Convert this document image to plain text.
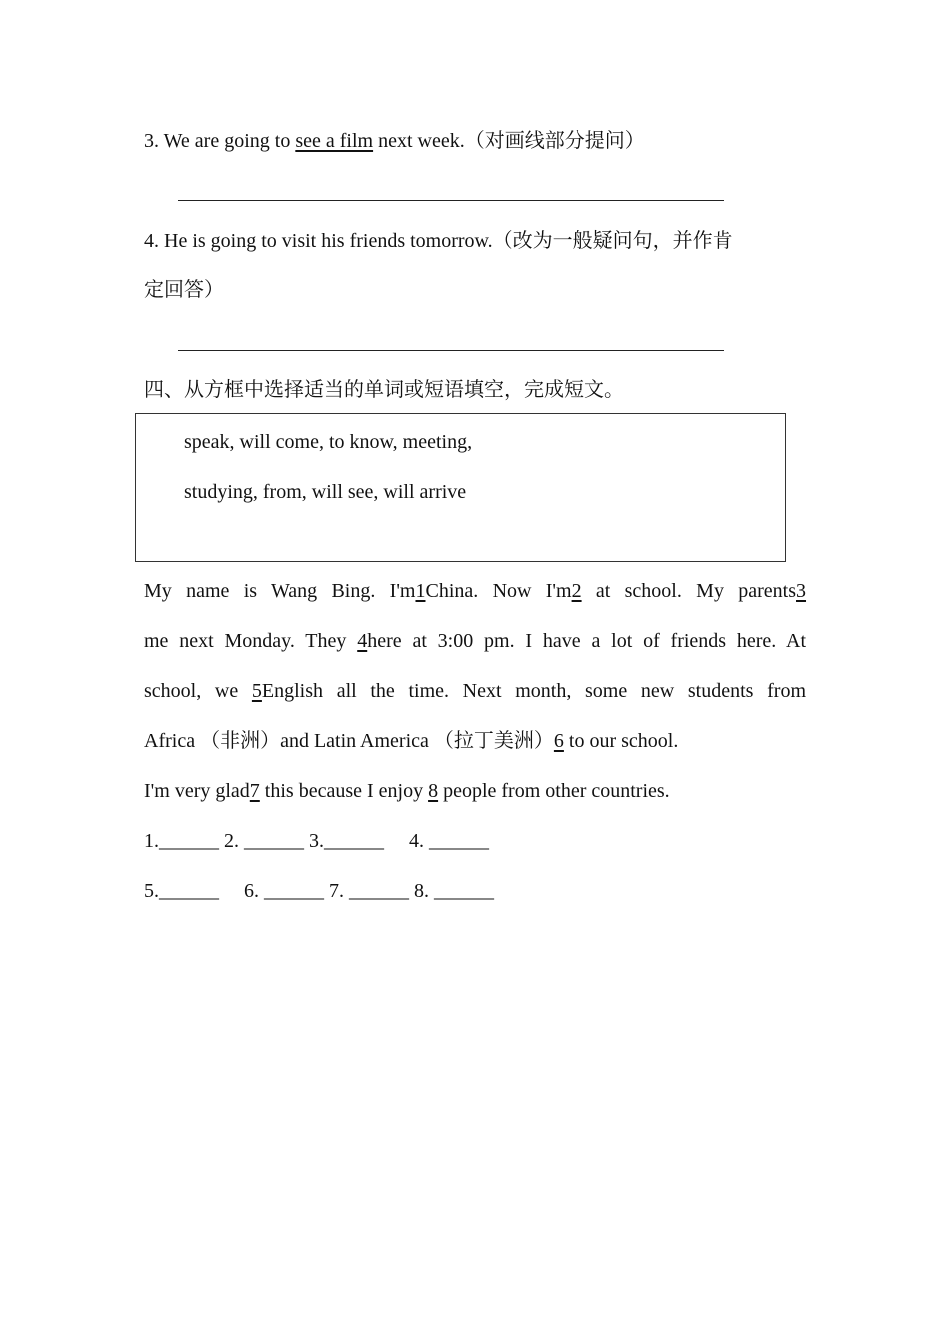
3. We are going to see a film next week.（对画线部分提问）
4. He is going to visit his friends tomorrow.（改为一般疑问句，并作肯
定回答）
四、从方框中选择适当的单词或短语填空，完成短文。
speak, will come, to know, meeting,
studying, from, will see, will arrive
My name is Wang Bing. I'm1China. Now I'm2 at school. My parents3
me next Monday. They 4here at 3:00 pm. I have a lot of friends here. At
school, we 5English all the time. Next month, some new students from
Africa （非洲）and Latin America （拉丁美洲）6 to our school.
I'm very glad7 this because I enjoy 8 people from other countries.
1.______ 2. ______ 3.______     4. ______
5.______     6. ______ 7. ______ 8. ______
